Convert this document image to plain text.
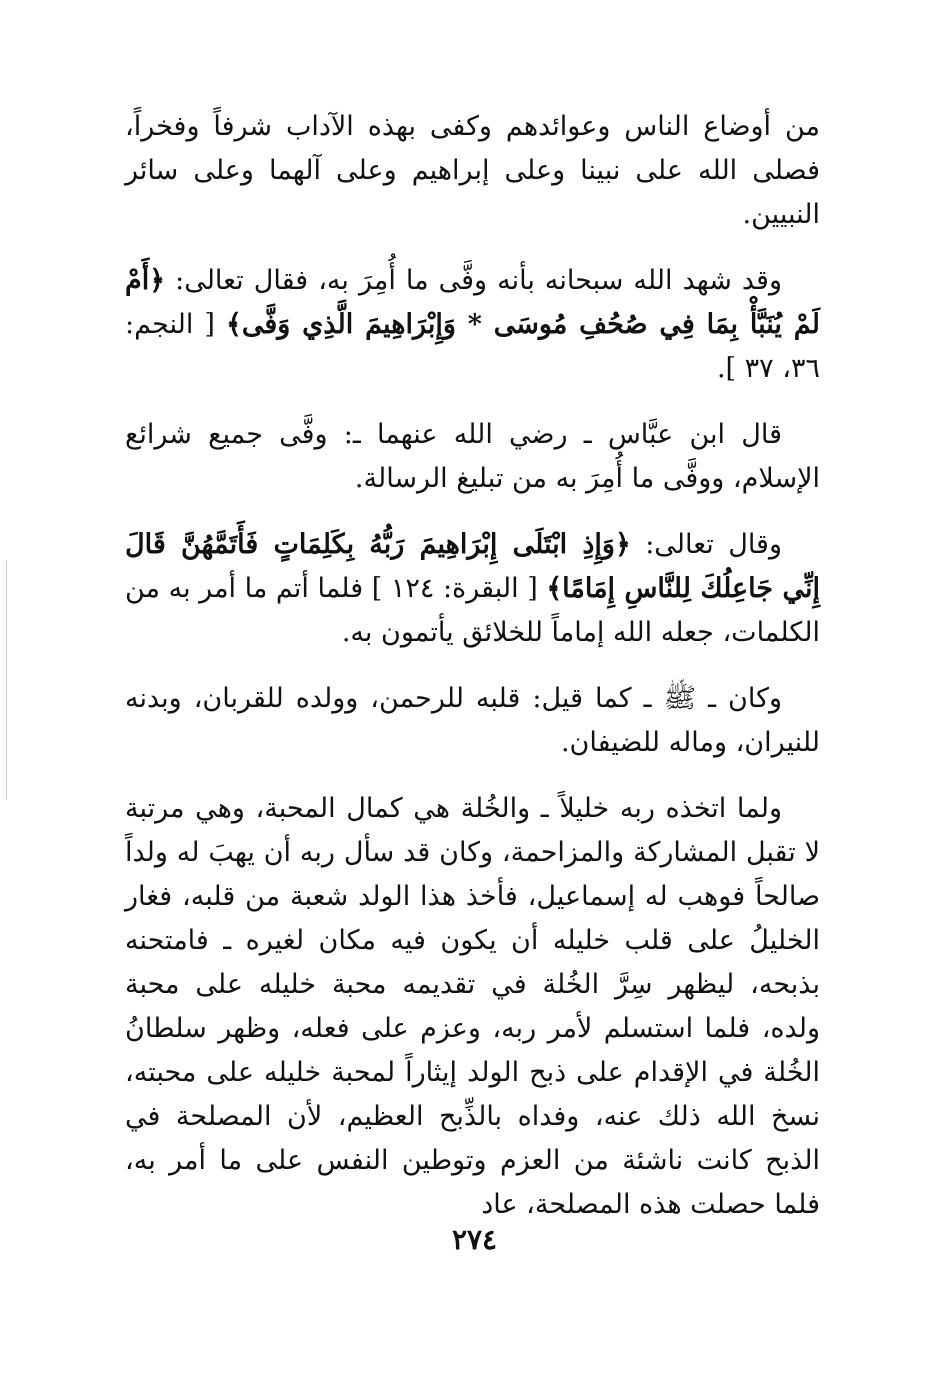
من أوضاع الناس وعوائدهم وكفى بهذه الآداب شرفاً وفخراً، فصلى الله على نبينا وعلى إبراهيم وعلى آلهما وعلى سائر النبيين.

وقد شهد الله سبحانه بأنه وفَّى ما أُمِرَ به، فقال تعالى: ﴿أَمْ لَمْ يُنَبَّأْ بِمَا فِي صُحُفِ مُوسَى * وَإِبْرَاهِيمَ الَّذِي وَفَّى﴾ [ النجم: ٣٦، ٣٧ ].

قال ابن عبَّاس ـ رضي الله عنهما ـ: وفَّى جميع شرائع الإسلام، ووفَّى ما أُمِرَ به من تبليغ الرسالة.

وقال تعالى: ﴿وَإِذِ ابْتَلَى إِبْرَاهِيمَ رَبُّهُ بِكَلِمَاتٍ فَأَتَمَّهُنَّ قَالَ إِنِّي جَاعِلُكَ لِلنَّاسِ إِمَامًا﴾ [ البقرة: ١٢٤ ] فلما أتم ما أمر به من الكلمات، جعله الله إماماً للخلائق يأتمون به.

وكان ـ ﷺ ـ كما قيل: قلبه للرحمن، وولده للقربان، وبدنه للنيران، وماله للضيفان.

ولما اتخذه ربه خليلاً ـ والخُلة هي كمال المحبة، وهي مرتبة لا تقبل المشاركة والمزاحمة، وكان قد سأل ربه أن يهبَ له ولداً صالحاً فوهب له إسماعيل، فأخذ هذا الولد شعبة من قلبه، فغار الخليلُ على قلب خليله أن يكون فيه مكان لغيره ـ فامتحنه بذبحه، ليظهر سِرَّ الخُلة في تقديمه محبة خليله على محبة ولده، فلما استسلم لأمر ربه، وعزم على فعله، وظهر سلطانُ الخُلة في الإقدام على ذبح الولد إيثاراً لمحبة خليله على محبته، نسخ الله ذلك عنه، وفداه بالذِّبح العظيم، لأن المصلحة في الذبح كانت ناشئة من العزم وتوطين النفس على ما أمر به، فلما حصلت هذه المصلحة، عاد

٢٧٤
